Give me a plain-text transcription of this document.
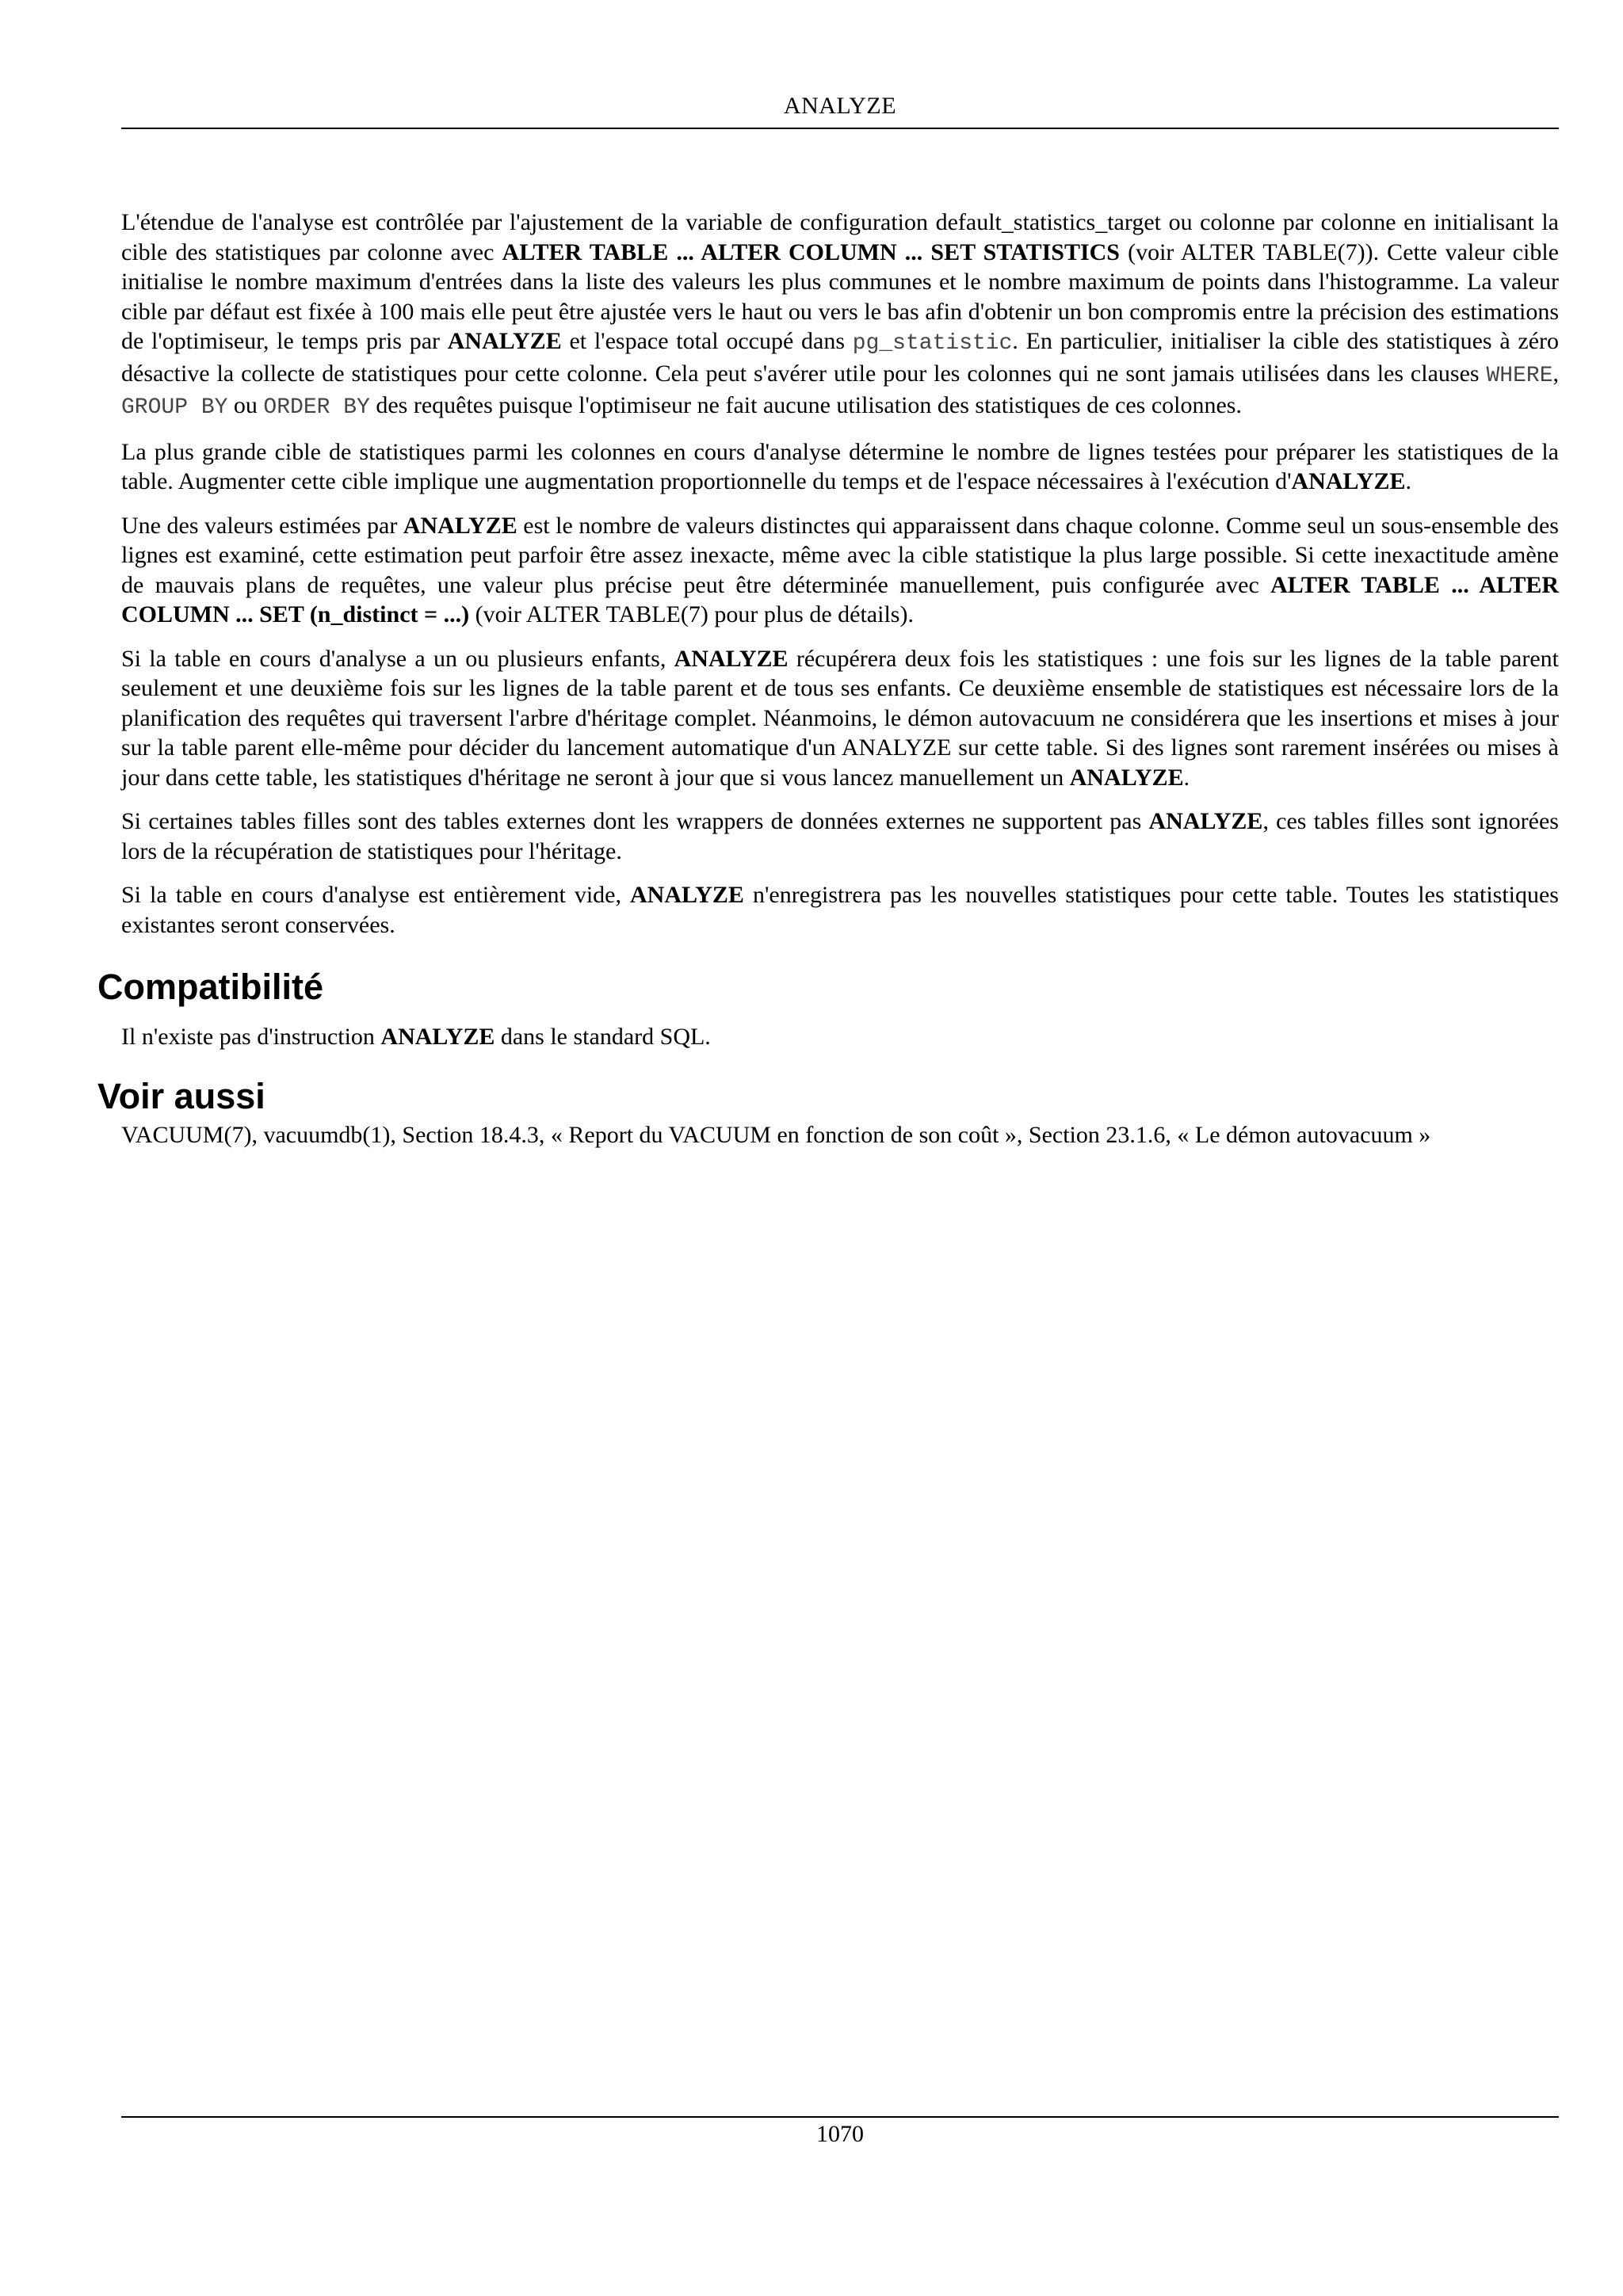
ANALYZE

L'étendue de l'analyse est contrôlée par l'ajustement de la variable de configuration default_statistics_target ou colonne par colonne en initialisant la cible des statistiques par colonne avec ALTER TABLE ... ALTER COLUMN ... SET STATISTICS (voir ALTER TABLE(7)). Cette valeur cible initialise le nombre maximum d'entrées dans la liste des valeurs les plus communes et le nombre maximum de points dans l'histogramme. La valeur cible par défaut est fixée à 100 mais elle peut être ajustée vers le haut ou vers le bas afin d'obtenir un bon compromis entre la précision des estimations de l'optimiseur, le temps pris par ANALYZE et l'espace total occupé dans pg_statistic. En particulier, initialiser la cible des statistiques à zéro désactive la collecte de statistiques pour cette colonne. Cela peut s'avérer utile pour les colonnes qui ne sont jamais utilisées dans les clauses WHERE, GROUP BY ou ORDER BY des requêtes puisque l'optimiseur ne fait aucune utilisation des statistiques de ces colonnes.

La plus grande cible de statistiques parmi les colonnes en cours d'analyse détermine le nombre de lignes testées pour préparer les statistiques de la table. Augmenter cette cible implique une augmentation proportionnelle du temps et de l'espace nécessaires à l'exécution d'ANALYZE.

Une des valeurs estimées par ANALYZE est le nombre de valeurs distinctes qui apparaissent dans chaque colonne. Comme seul un sous-ensemble des lignes est examiné, cette estimation peut parfoir être assez inexacte, même avec la cible statistique la plus large possible. Si cette inexactitude amène de mauvais plans de requêtes, une valeur plus précise peut être déterminée manuellement, puis configurée avec ALTER TABLE ... ALTER COLUMN ... SET (n_distinct = ...) (voir ALTER TABLE(7) pour plus de détails).

Si la table en cours d'analyse a un ou plusieurs enfants, ANALYZE récupérera deux fois les statistiques : une fois sur les lignes de la table parent seulement et une deuxième fois sur les lignes de la table parent et de tous ses enfants. Ce deuxième ensemble de statistiques est nécessaire lors de la planification des requêtes qui traversent l'arbre d'héritage complet. Néanmoins, le démon autovacuum ne considérera que les insertions et mises à jour sur la table parent elle-même pour décider du lancement automatique d'un ANALYZE sur cette table. Si des lignes sont rarement insérées ou mises à jour dans cette table, les statistiques d'héritage ne seront à jour que si vous lancez manuellement un ANALYZE.

Si certaines tables filles sont des tables externes dont les wrappers de données externes ne supportent pas ANALYZE, ces tables filles sont ignorées lors de la récupération de statistiques pour l'héritage.

Si la table en cours d'analyse est entièrement vide, ANALYZE n'enregistrera pas les nouvelles statistiques pour cette table. Toutes les statistiques existantes seront conservées.

Compatibilité

Il n'existe pas d'instruction ANALYZE dans le standard SQL.

Voir aussi

VACUUM(7), vacuumdb(1), Section 18.4.3, « Report du VACUUM en fonction de son coût », Section 23.1.6, « Le démon autovacuum »

1070
